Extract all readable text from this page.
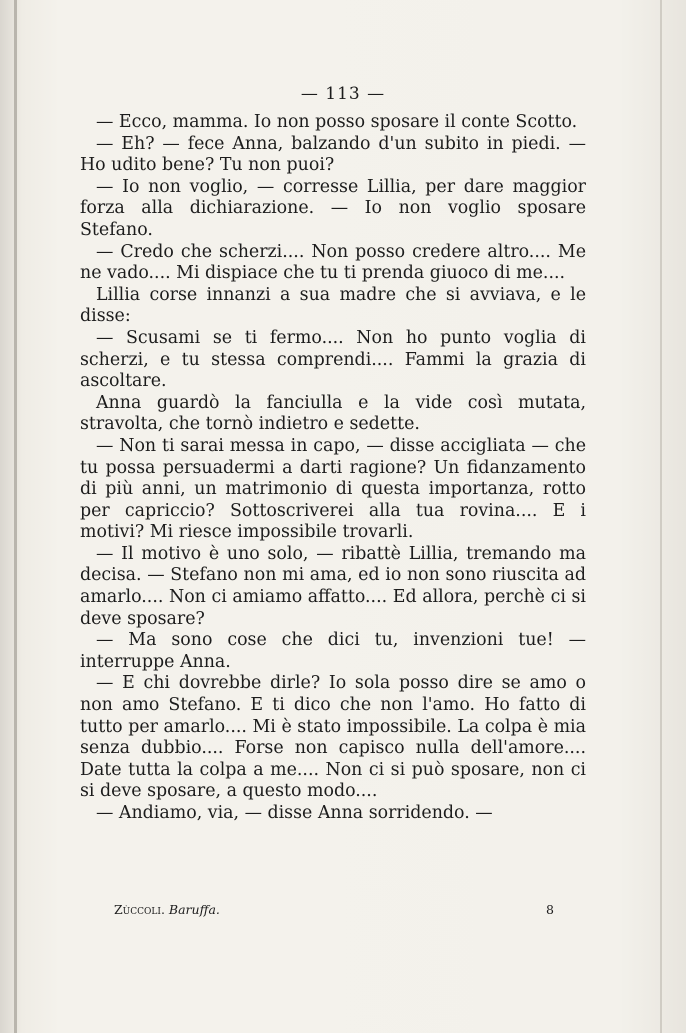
— 113 —

— Ecco, mamma. Io non posso sposare il conte Scotto.

— Eh? — fece Anna, balzando d'un subito in piedi. — Ho udito bene? Tu non puoi?

— Io non voglio, — corresse Lillia, per dare maggior forza alla dichiarazione. — Io non voglio sposare Stefano.

— Credo che scherzi.... Non posso credere altro.... Me ne vado.... Mi dispiace che tu ti prenda giuoco di me....

Lillia corse innanzi a sua madre che si avviava, e le disse:

— Scusami se ti fermo.... Non ho punto voglia di scherzi, e tu stessa comprendi.... Fammi la grazia di ascoltare.

Anna guardò la fanciulla e la vide così mutata, stravolta, che tornò indietro e sedette.

— Non ti sarai messa in capo, — disse accigliata — che tu possa persuadermi a darti ragione? Un fidanzamento di più anni, un matrimonio di questa importanza, rotto per capriccio? Sottoscriverei alla tua rovina.... E i motivi? Mi riesce impossibile trovarli.

— Il motivo è uno solo, — ribattè Lillia, tremando ma decisa. — Stefano non mi ama, ed io non sono riuscita ad amarlo.... Non ci amiamo affatto.... Ed allora, perchè ci si deve sposare?

— Ma sono cose che dici tu, invenzioni tue! — interruppe Anna.

— E chi dovrebbe dirle? Io sola posso dire se amo o non amo Stefano. E ti dico che non l'amo. Ho fatto di tutto per amarlo.... Mi è stato impossibile. La colpa è mia senza dubbio.... Forse non capisco nulla dell'amore.... Date tutta la colpa a me.... Non ci si può sposare, non ci si deve sposare, a questo modo....

— Andiamo, via, — disse Anna sorridendo. —

Zùccoli. Baruffa.	8
